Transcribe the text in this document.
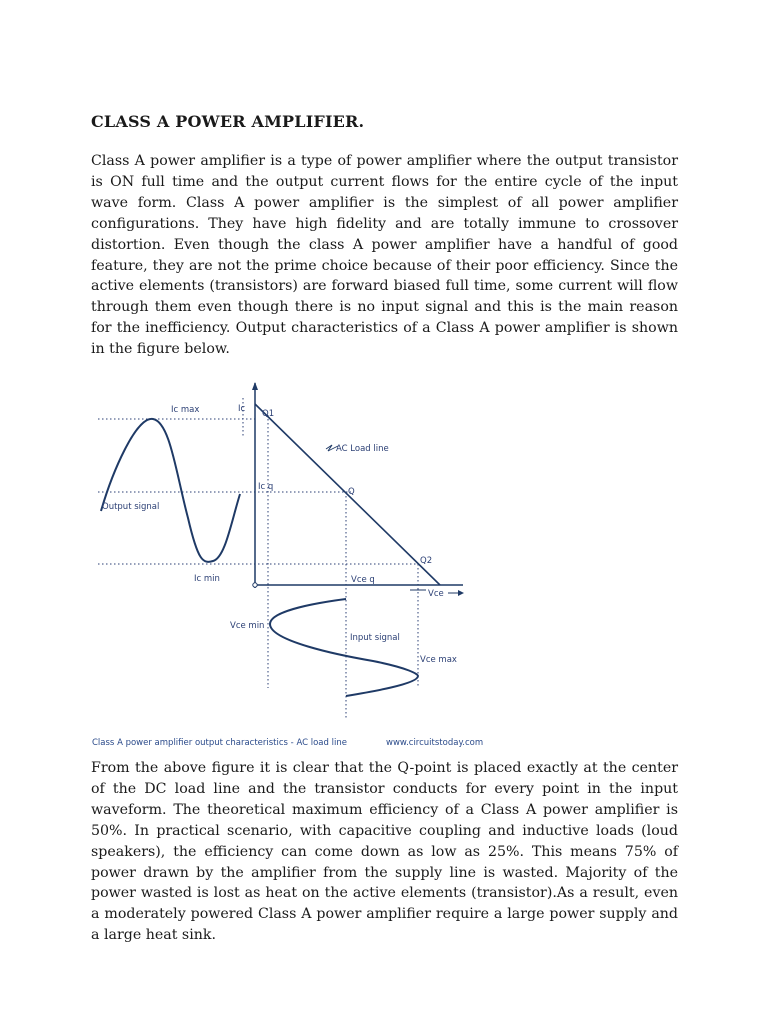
CLASS A POWER AMPLIFIER.

Class A power amplifier is a type of power amplifier where the output transistor is ON full time and the output current flows for the entire cycle of the input wave form. Class A power amplifier is the simplest of all power amplifier configurations. They have high fidelity and are totally immune to crossover distortion. Even though the class A power amplifier have a handful of good feature, they are not the prime choice because of their poor efficiency. Since the active elements (transistors) are forward biased full time, some current will flow through them even though there is no input signal and this is the main reason for the inefficiency. Output characteristics of a Class A power amplifier is shown in the figure below.

Ic max	Ic Q1
AC Load line
Ic q	Q
Output signal
Q2
Ic min	Vce q
Vce
Vce min
Input signal
Vce max
Class A power amplifier output characteristics - AC load line	www.circuitstoday.com

From the above figure it is clear that the Q-point is placed exactly at the center of the DC load line and the transistor conducts for every point in the input waveform. The theoretical maximum efficiency of a Class A power amplifier is 50%. In practical scenario, with capacitive coupling and inductive loads (loud speakers), the efficiency can come down as low as 25%. This means 75% of power drawn by the amplifier from the supply line is wasted. Majority of the power wasted is lost as heat on the active elements (transistor).As a result, even a moderately powered Class A power amplifier require a large power supply and a large heat sink.
